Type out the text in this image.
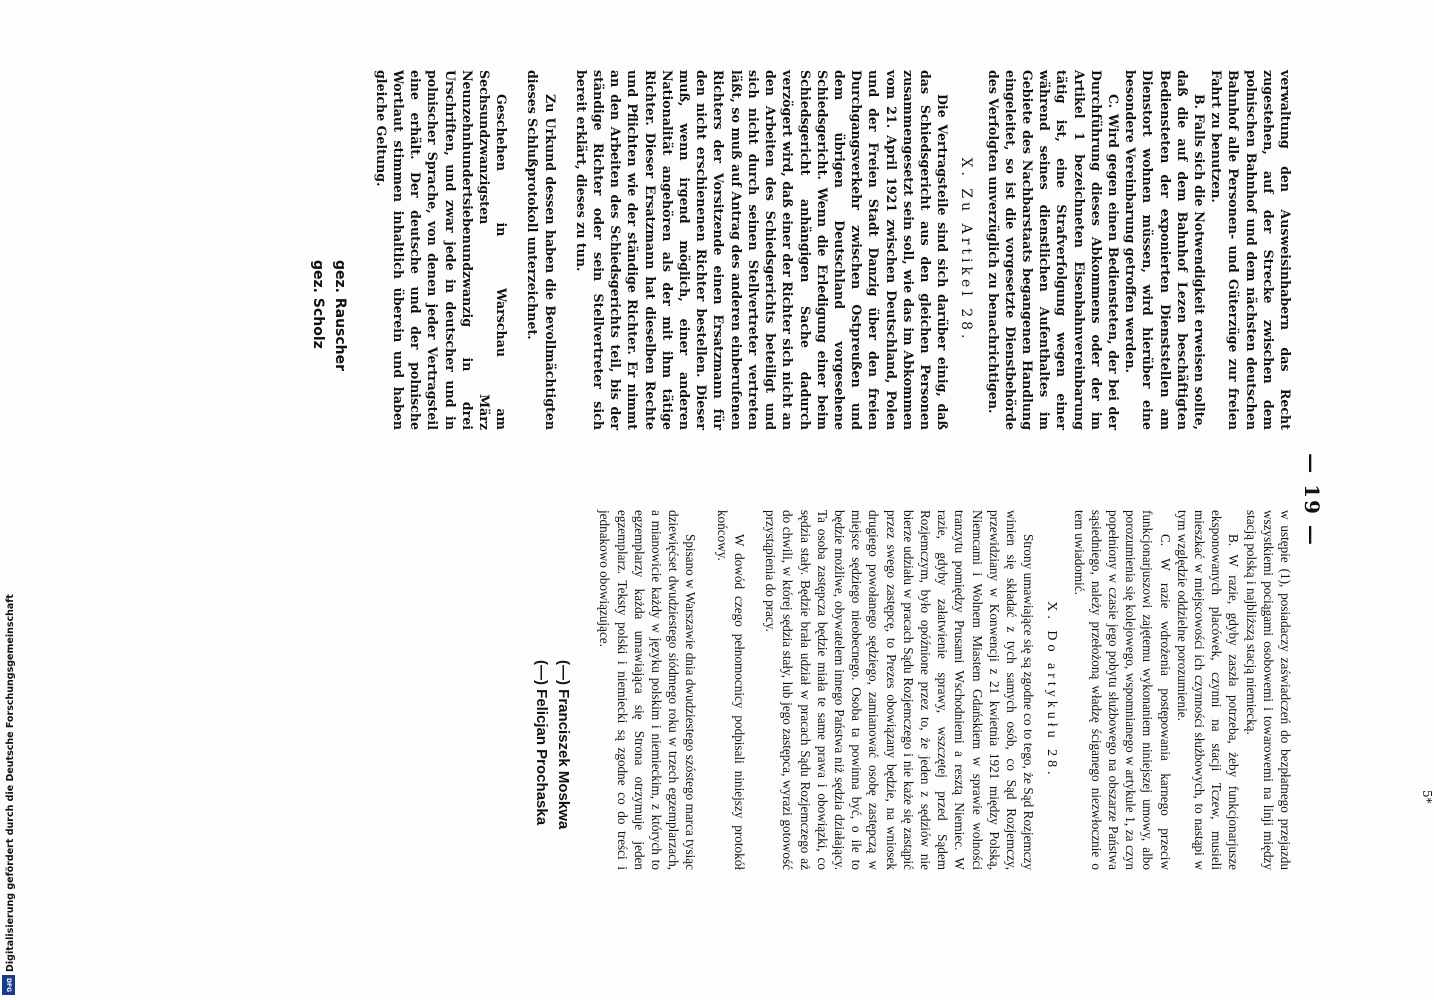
— 19 —
5*

verwaltung den Ausweisinhabern das Recht zugestehen, auf der Strecke zwischen dem polnischen Bahnhof und dem nächsten deutschen Bahnhof alle Personen- und Güterzüge zur freien Fahrt zu benutzen.

B. Falls sich die Notwendigkeit erweisen sollte, daß die auf dem Bahnhof Lezen beschäftigten Bediensteten der exponierten Dienststellen am Dienstort wohnen müssen, wird hierüber eine besondere Vereinbarung getroffen werden.

C. Wird gegen einen Bediensteten, der bei der Durchführung dieses Abkommens oder der im Artikel 1 bezeichneten Eisenbahnvereinbarung tätig ist, eine Strafverfolgung wegen einer während seines dienstlichen Aufenthaltes im Gebiete des Nachbarstaats begangenen Handlung eingeleitet, so ist die vorgesetzte Dienstbehörde des Verfolgten unverzüglich zu benachrichtigen.

X. Zu Artikel 28.

Die Vertragsteile sind sich darüber einig, daß das Schiedsgericht aus den gleichen Personen zusammengesetzt sein soll, wie das im Abkommen vom 21. April 1921 zwischen Deutschland, Polen und der Freien Stadt Danzig über den freien Durchgangsverkehr zwischen Ostpreußen und dem übrigen Deutschland vorgesehene Schiedsgericht. Wenn die Erledigung einer beim Schiedsgericht anhängigen Sache dadurch verzögert wird, daß einer der Richter sich nicht an den Arbeiten des Schiedsgerichts beteiligt und sich nicht durch seinen Stellvertreter vertreten läßt, so muß auf Antrag des anderen einberufenen Richters der Vorsitzende einen Ersatzmann für den nicht erschienenen Richter bestellen. Dieser muß, wenn irgend möglich, einer anderen Nationalität angehören als der mit ihm tätige Richter. Dieser Ersatzmann hat dieselben Rechte und Pflichten wie der ständige Richter. Er nimmt an den Arbeiten des Schiedsgerichts teil, bis der ständige Richter oder sein Stellvertreter sich bereit erklärt, dieses zu tun.

Zu Urkund dessen haben die Bevollmächtigten dieses Schlußprotokoll unterzeichnet.

Geschehen in Warschau am Sechsundzwanzigsten März Neunzehnhundertsiebenundzwanzig in drei Urschriften, und zwar jede in deutscher und in polnischer Sprache, von denen jeder Vertragsteil eine erhält. Der deutsche und der polnische Wortlaut stimmen inhaltlich überein und haben gleiche Geltung.

gez. Rauscher
gez. Scholz

w ustępie (1), posiadaczy zaświadczeń do bezpłatnego przejazdu wszystkiemi pociągami osobowemi i towarowemi na linji między stacją polską i najbliższą stacją niemiecką.

B. W razie, gdyby zaszła potrzeba, żeby funkcjonarjusze eksponowanych placówek, czynni na stacji Tczew, musieli mieszkać w miejscowości ich czynności służbowych, to nastąpi w tym względzie oddzielne porozumienie.

C. W razie wdrożenia postępowania karnego przeciw funkcjonarjuszowi zajętemu wykonaniem niniejszej umowy, albo porozumienia się kolejowego, wspomnianego w artykule 1, za czyn popełniony w czasie jego pobytu służbowego na obszarze Państwa sąsiedniego, należy przełożoną władzę ściganego niezwłocznie o tem uwiadomić.

X. Do artykułu 28.

Strony umawiające się są zgodne co to tego, że Sąd Rozjemczy winien się składać z tych samych osób, co Sąd Rozjemczy, przewidziany w Konwencji z 21 kwietnia 1921 między Polską, Niemcami i Wolnem Miastem Gdańskiem w sprawie wolności tranzytu pomiędzy Prusami Wschodniemi a resztą Niemiec. W razie, gdyby załatwienie sprawy, wszczętej przed Sądem Rozjemczym, było opóźnione przez to, że jeden z sędziów nie bierze udziału w pracach Sądu Rozjemczego i nie każe się zastąpić przez swego zastępcę, to Prezes obowiązany będzie, na wniosek drugiego powołanego sędziego, zamianować osobę zastępczą w miejsce sędziego nieobecnego. Osoba ta powinna być, o ile to będzie możliwe, obywatelem innego Państwa niż sędzia działający. Ta osoba zastępcza będzie miała te same prawa i obowiązki, co sędzia stały. Będzie brała udział w pracach Sądu Rozjemczego aż do chwili, w której sędzia stały, lub jego zastępca, wyrazi gotowość przystąpienia do pracy.

W dowód czego pełnomocnicy podpisali niniejszy protokół końcowy.

Spisano w Warszawie dnia dwudziestego szóstego marca tysiąc dziewięćset dwudziestego siódmego roku w trzech egzemplarzach, a mianowicie każdy w języku polskim i niemieckim, z których to egzemplarzy każda umawiająca się Strona otrzymuje jeden egzemplarz. Teksty polski i niemiecki są zgodne co do treści i jednakowo obowiązujące.

(—) Franciszek Moskwa
(—) Felicjan Prochaska
Digitalisierung gefördert durch die Deutsche Forschungsgemeinschaft
DFG
